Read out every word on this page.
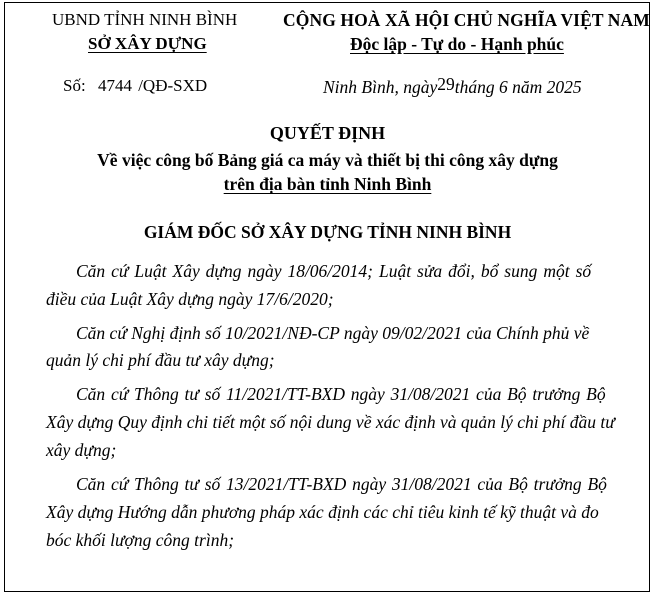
UBND TỈNH NINH BÌNH
SỞ XÂY DỰNG
CỘNG HOÀ XÃ HỘI CHỦ NGHĨA VIỆT NAM
Độc lập - Tự do - Hạnh phúc
Số: 4744 /QĐ-SXD	Ninh Bình, ngày29tháng 6 năm 2025
QUYẾT ĐỊNH
Về việc công bố Bảng giá ca máy và thiết bị thi công xây dựng
trên địa bàn tỉnh Ninh Bình
GIÁM ĐỐC SỞ XÂY DỰNG TỈNH NINH BÌNH
Căn cứ Luật Xây dựng ngày 18/06/2014; Luật sửa đổi, bổ sung một số
điều của Luật Xây dựng ngày 17/6/2020;
Căn cứ Nghị định số 10/2021/NĐ-CP ngày 09/02/2021 của Chính phủ về
quản lý chi phí đầu tư xây dựng;
Căn cứ Thông tư số 11/2021/TT-BXD ngày 31/08/2021 của Bộ trưởng Bộ
Xây dựng Quy định chi tiết một số nội dung về xác định và quản lý chi phí đầu tư
xây dựng;
Căn cứ Thông tư số 13/2021/TT-BXD ngày 31/08/2021 của Bộ trưởng Bộ
Xây dựng Hướng dẫn phương pháp xác định các chỉ tiêu kinh tế kỹ thuật và đo
bóc khối lượng công trình;
